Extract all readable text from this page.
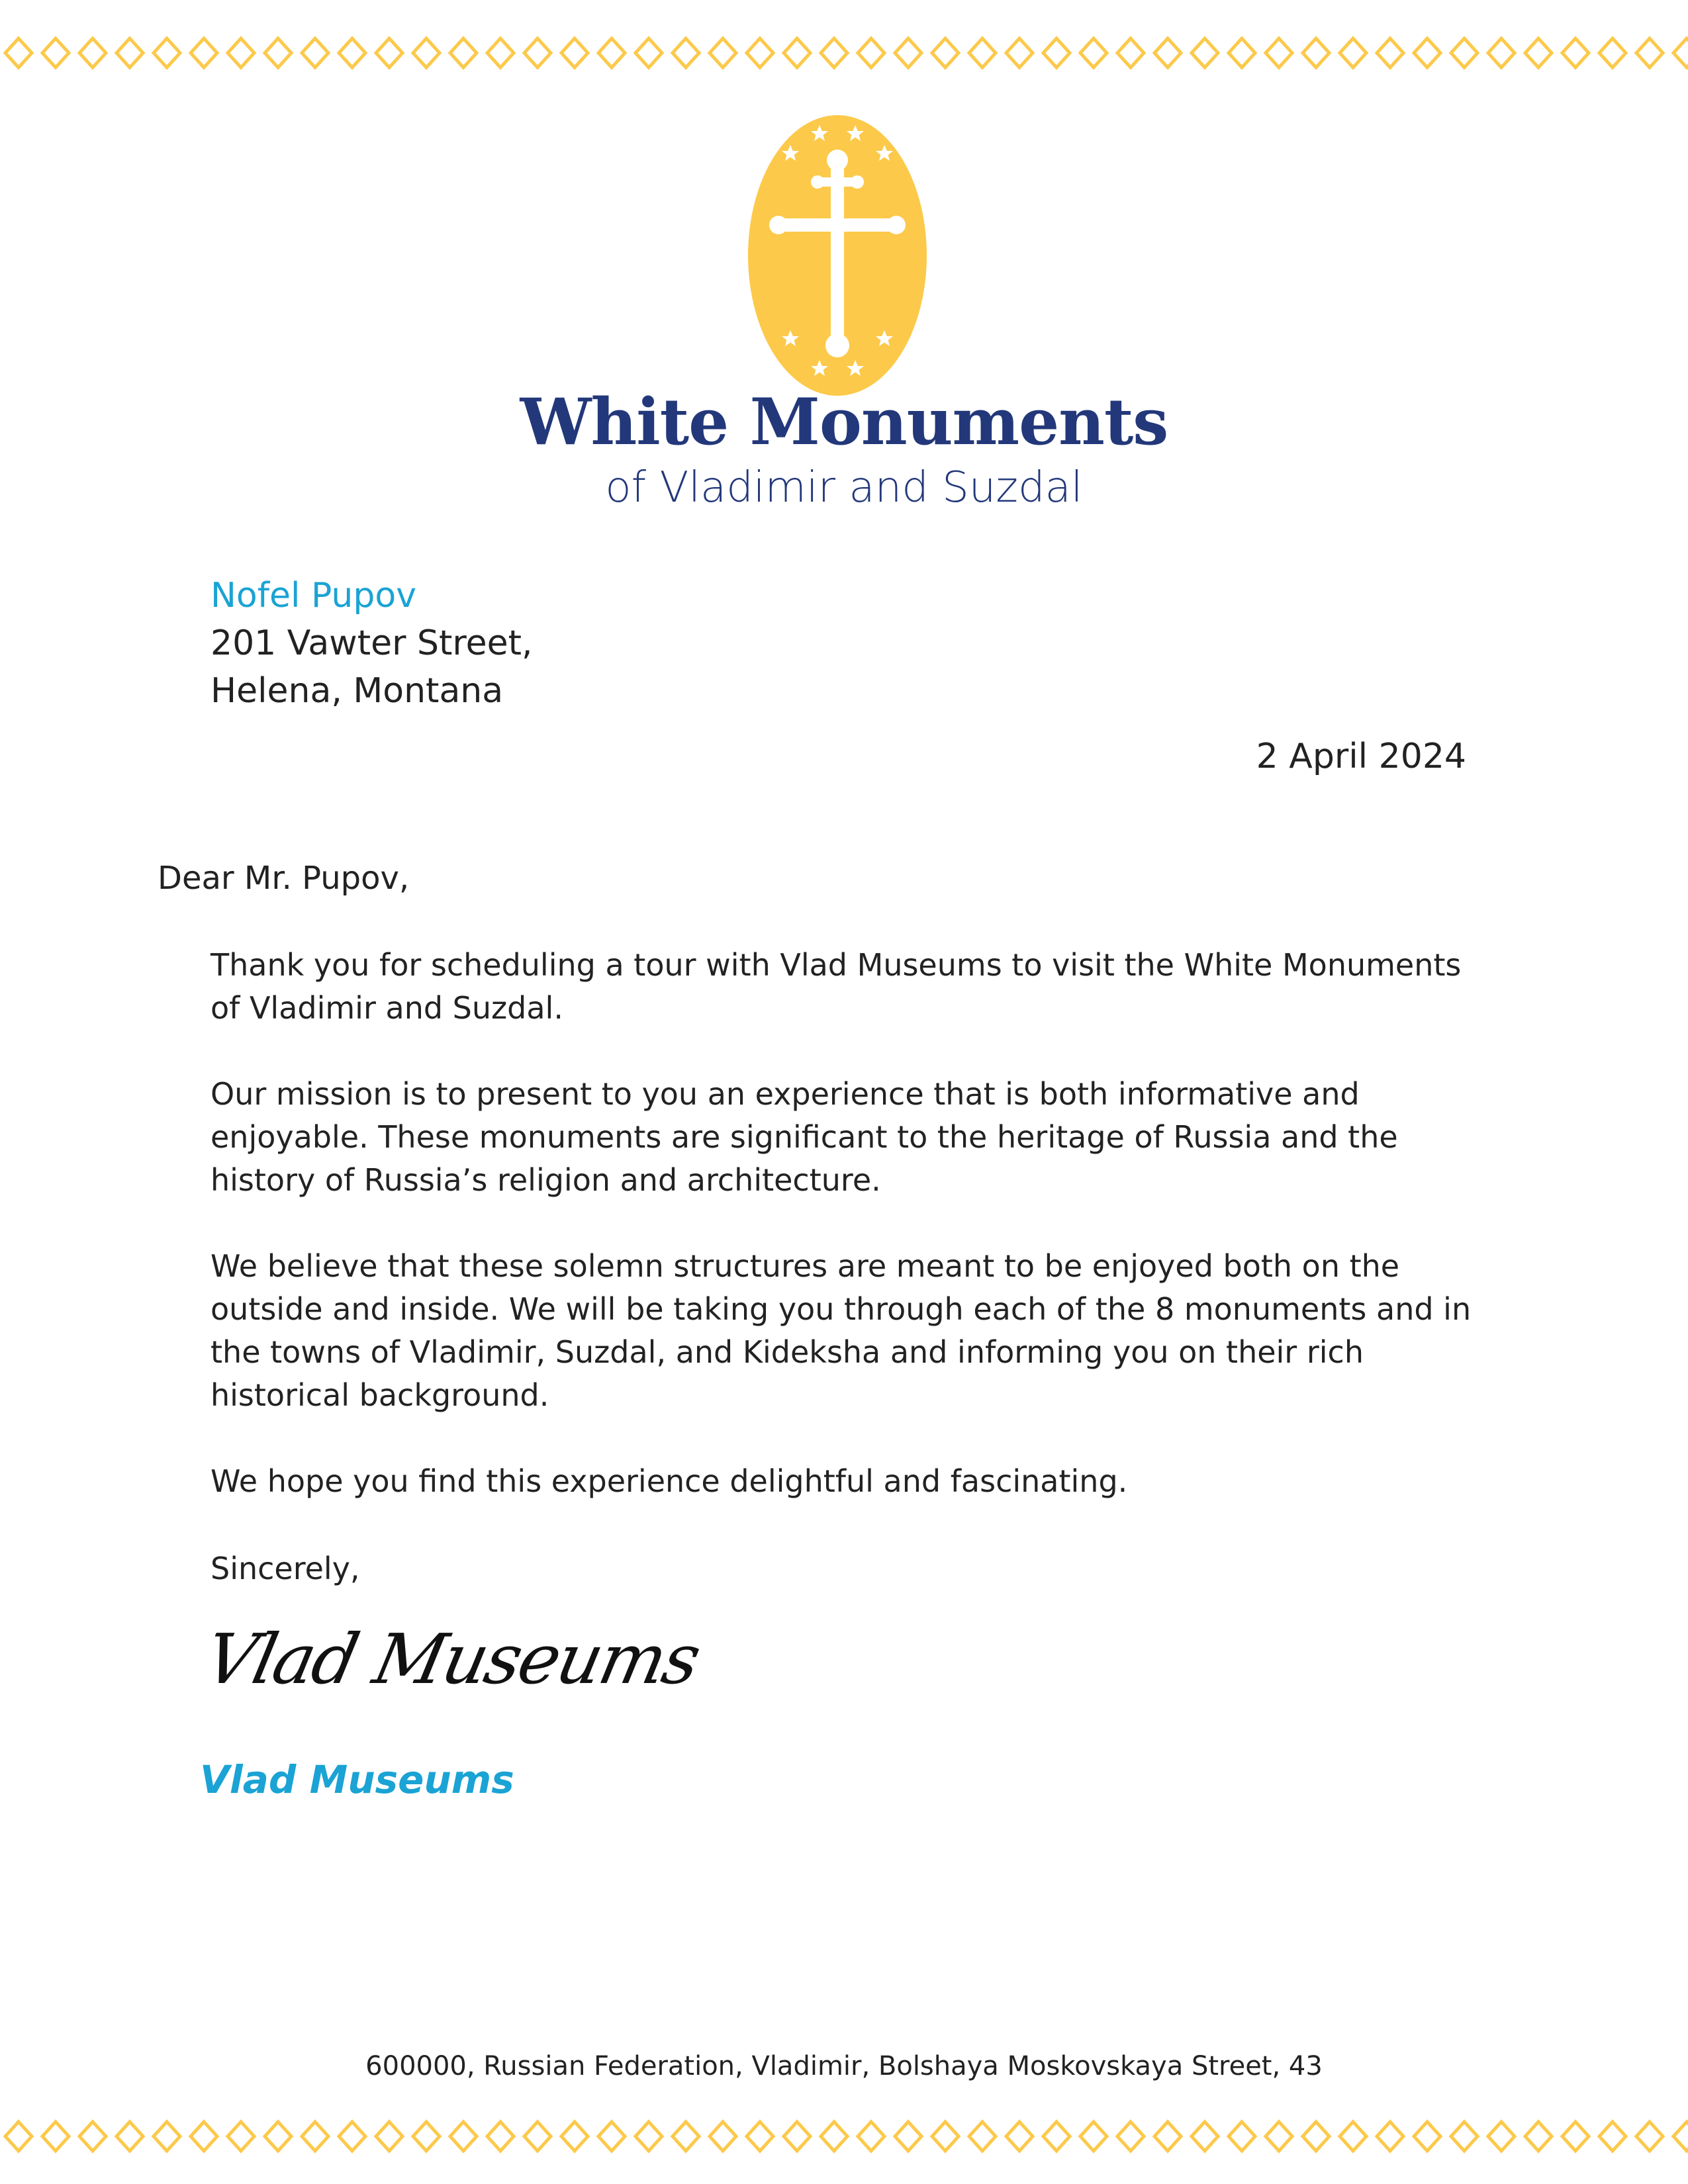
White Monuments
of Vladimir and Suzdal
Nofel Pupov
201 Vawter Street,
Helena, Montana
2 April 2024
Dear Mr. Pupov,

Thank you for scheduling a tour with Vlad Museums to visit the White Monuments of Vladimir and Suzdal.

Our mission is to present to you an experience that is both informative and enjoyable. These monuments are significant to the heritage of Russia and the history of Russia’s religion and architecture.

We believe that these solemn structures are meant to be enjoyed both on the outside and inside. We will be taking you through each of the 8 monuments and in the towns of Vladimir, Suzdal, and Kideksha and informing you on their rich historical background.

We hope you find this experience delightful and fascinating.

Sincerely,
Vlad Museums
Vlad Museums
600000, Russian Federation, Vladimir, Bolshaya Moskovskaya Street, 43
